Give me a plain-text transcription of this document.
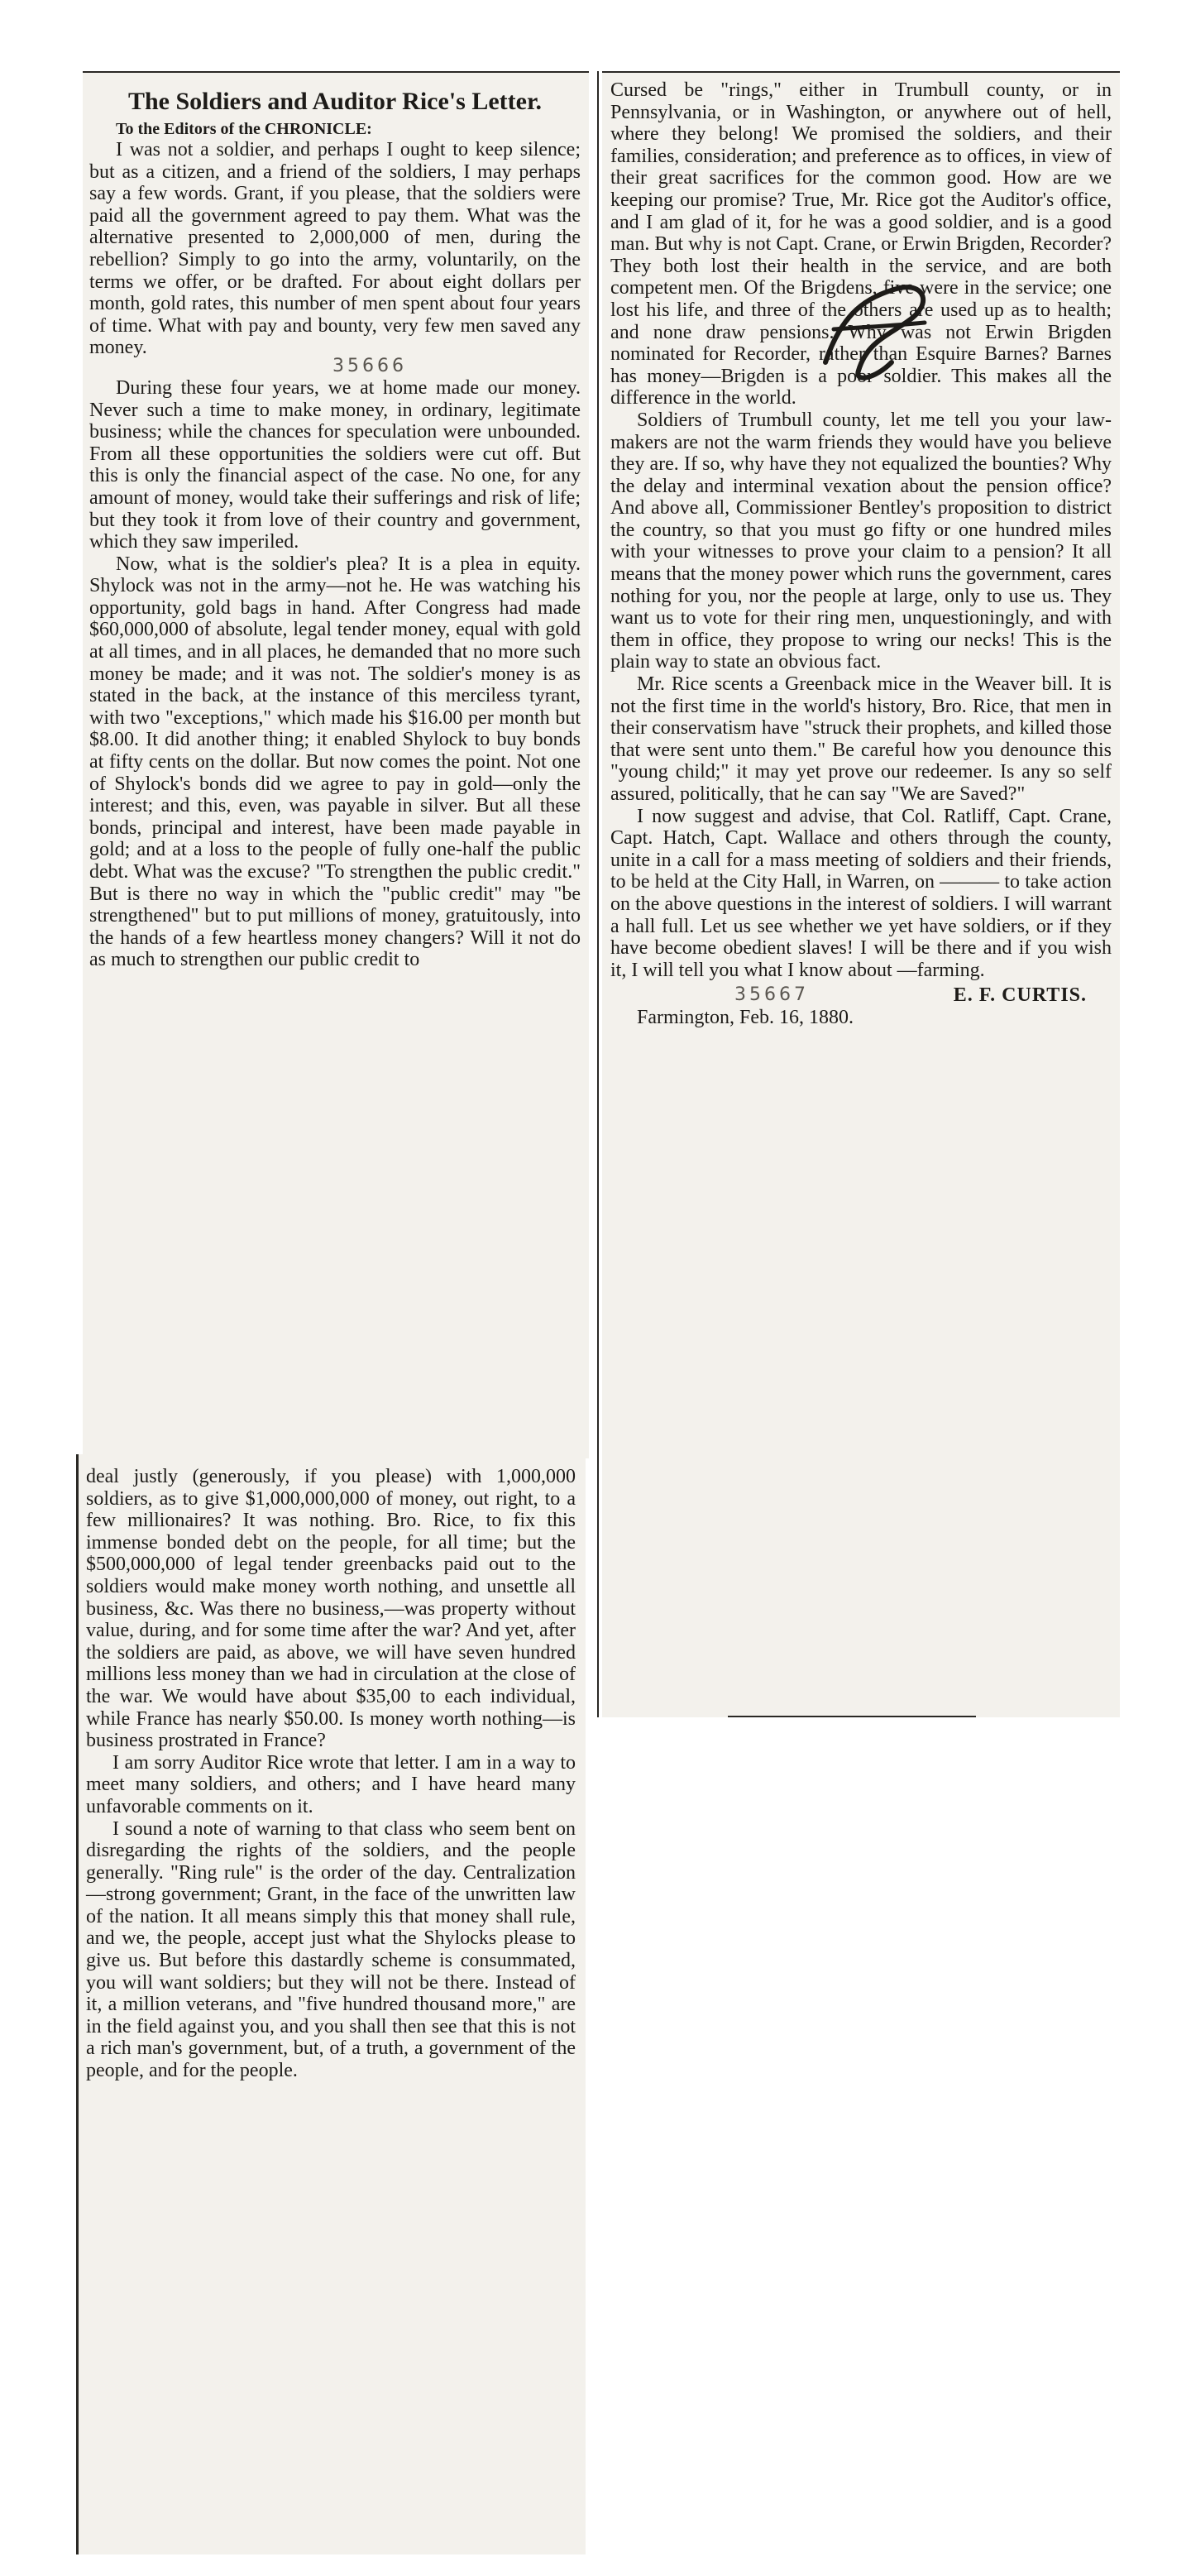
The Soldiers and Auditor Rice's Letter.

To the Editors of the CHRONICLE:

I was not a soldier, and perhaps I ought to keep silence; but as a citizen, and a friend of the soldiers, I may perhaps say a few words. Grant, if you please, that the soldiers were paid all the government agreed to pay them. What was the alternative presented to 2,000,000 of men, during the rebellion? Simply to go into the army, voluntarily, on the terms we offer, or be drafted. For about eight dollars per month, gold rates, this number of men spent about four years of time. What with pay and bounty, very few men saved any money.

35666

During these four years, we at home made our money. Never such a time to make money, in ordinary, legitimate business; while the chances for speculation were unbounded. From all these opportunities the soldiers were cut off. But this is only the financial aspect of the case. No one, for any amount of money, would take their sufferings and risk of life; but they took it from love of their country and government, which they saw imperiled.

Now, what is the soldier's plea? It is a plea in equity. Shylock was not in the army—not he. He was watching his opportunity, gold bags in hand. After Congress had made $60,000,000 of absolute, legal tender money, equal with gold at all times, and in all places, he demanded that no more such money be made; and it was not. The soldier's money is as stated in the back, at the instance of this merciless tyrant, with two "exceptions," which made his $16.00 per month but $8.00. It did another thing; it enabled Shylock to buy bonds at fifty cents on the dollar. But now comes the point. Not one of Shylock's bonds did we agree to pay in gold—only the interest; and this, even, was payable in silver. But all these bonds, principal and interest, have been made payable in gold; and at a loss to the people of fully one-half the public debt. What was the excuse? "To strengthen the public credit." But is there no way in which the "public credit" may "be strengthened" but to put millions of money, gratuitously, into the hands of a few heartless money changers? Will it not do as much to strengthen our public credit to

deal justly (generously, if you please) with 1,000,000 soldiers, as to give $1,000,000,000 of money, out right, to a few millionaires? It was nothing. Bro. Rice, to fix this immense bonded debt on the people, for all time; but the $500,000,000 of legal tender greenbacks paid out to the soldiers would make money worth nothing, and unsettle all business, &c. Was there no business,—was property without value, during, and for some time after the war? And yet, after the soldiers are paid, as above, we will have seven hundred millions less money than we had in circulation at the close of the war. We would have about $35,00 to each individual, while France has nearly $50.00. Is money worth nothing—is business prostrated in France?

I am sorry Auditor Rice wrote that letter. I am in a way to meet many soldiers, and others; and I have heard many unfavorable comments on it.

I sound a note of warning to that class who seem bent on disregarding the rights of the soldiers, and the people generally. "Ring rule" is the order of the day. Centralization—strong government; Grant, in the face of the unwritten law of the nation. It all means simply this that money shall rule, and we, the people, accept just what the Shylocks please to give us. But before this dastardly scheme is consummated, you will want soldiers; but they will not be there. Instead of it, a million veterans, and "five hundred thousand more," are in the field against you, and you shall then see that this is not a rich man's government, but, of a truth, a government of the people, and for the people.

Cursed be "rings," either in Trumbull county, or in Pennsylvania, or in Washington, or anywhere out of hell, where they belong! We promised the soldiers, and their families, consideration; and preference as to offices, in view of their great sacrifices for the common good. How are we keeping our promise? True, Mr. Rice got the Auditor's office, and I am glad of it, for he was a good soldier, and is a good man. But why is not Capt. Crane, or Erwin Brigden, Recorder? They both lost their health in the service, and are both competent men. Of the Brigdens, five were in the service; one lost his life, and three of the others are used up as to health; and none draw pensions. Why was not Erwin Brigden nominated for Recorder, rather than Esquire Barnes? Barnes has money—Brigden is a poor soldier. This makes all the difference in the world.

Soldiers of Trumbull county, let me tell you your law-makers are not the warm friends they would have you believe they are. If so, why have they not equalized the bounties? Why the delay and interminal vexation about the pension office? And above all, Commissioner Bentley's proposition to district the country, so that you must go fifty or one hundred miles with your witnesses to prove your claim to a pension? It all means that the money power which runs the government, cares nothing for you, nor the people at large, only to use us. They want us to vote for their ring men, unquestioningly, and with them in office, they propose to wring our necks! This is the plain way to state an obvious fact.

Mr. Rice scents a Greenback mice in the Weaver bill. It is not the first time in the world's history, Bro. Rice, that men in their conservatism have "struck their prophets, and killed those that were sent unto them." Be careful how you denounce this "young child;" it may yet prove our redeemer. Is any so self assured, politically, that he can say "We are Saved?"

I now suggest and advise, that Col. Ratliff, Capt. Crane, Capt. Hatch, Capt. Wallace and others through the county, unite in a call for a mass meeting of soldiers and their friends, to be held at the City Hall, in Warren, on ——— to take action on the above questions in the interest of soldiers. I will warrant a hall full. Let us see whether we yet have soldiers, or if they have become obedient slaves! I will be there and if you wish it, I will tell you what I know about —farming.

35667	E. F. CURTIS.

Farmington, Feb. 16, 1880.
